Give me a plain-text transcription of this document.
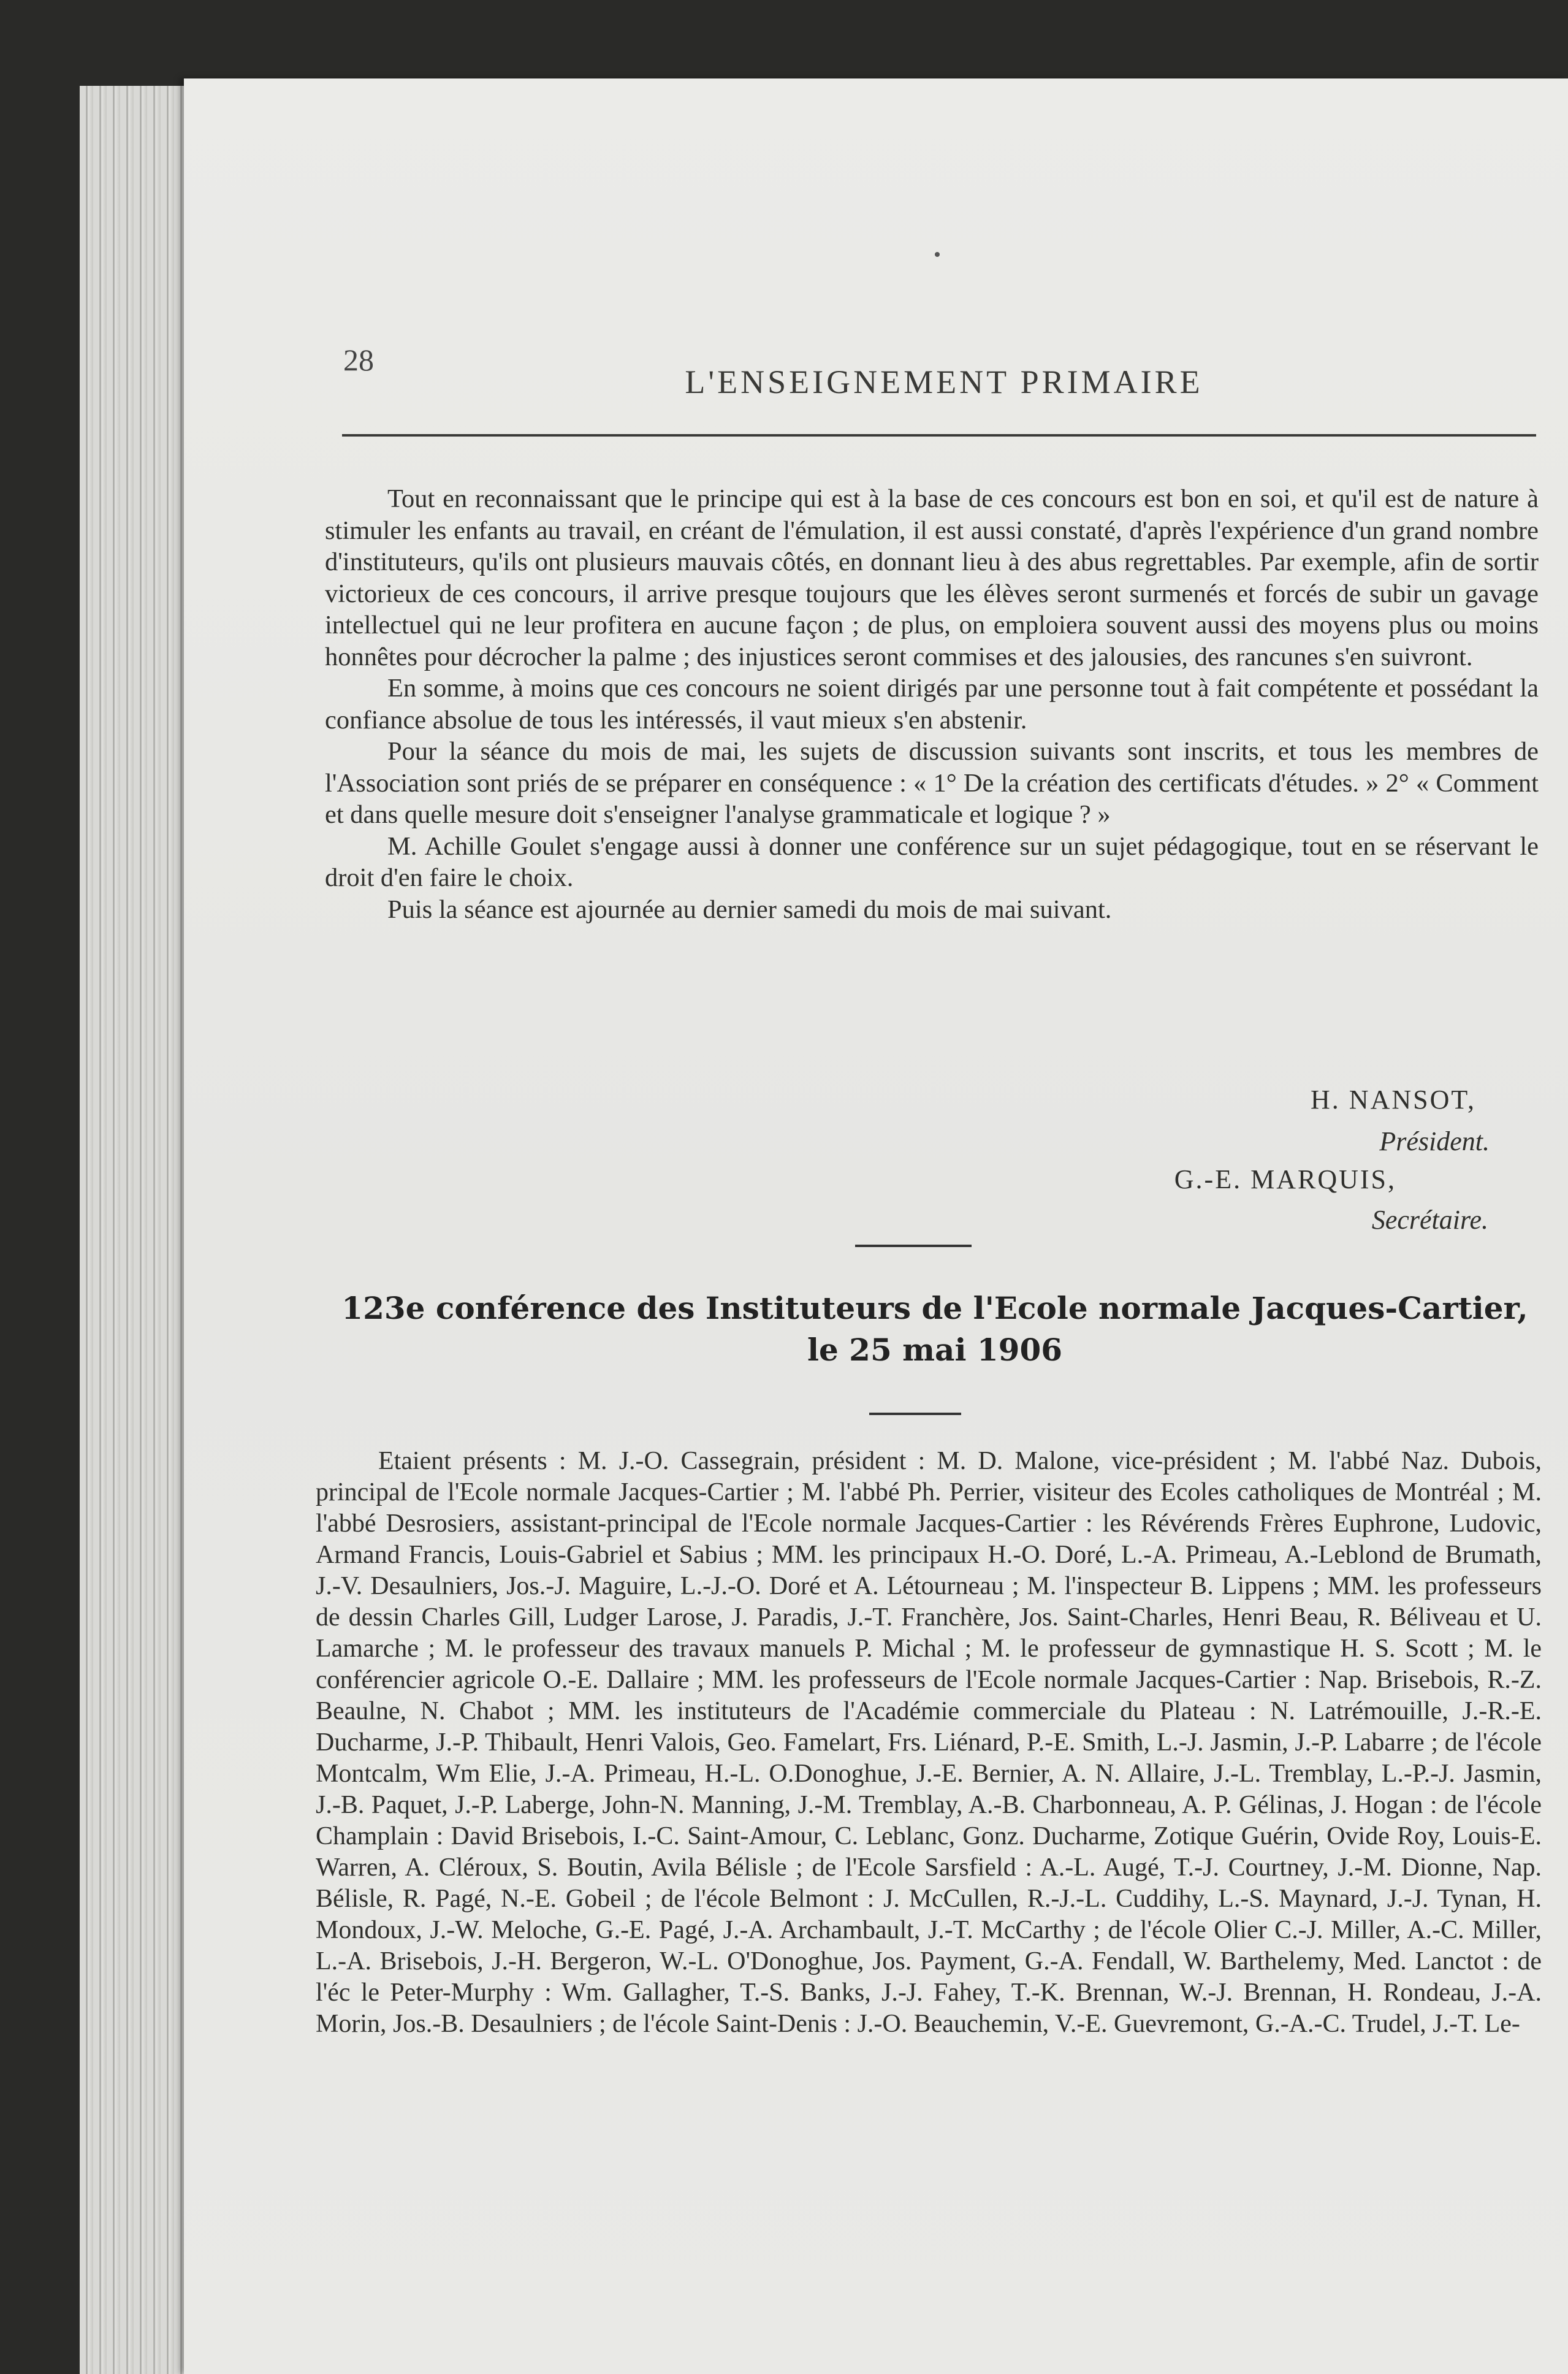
28
L'ENSEIGNEMENT PRIMAIRE

Tout en reconnaissant que le principe qui est à la base de ces concours est bon en soi, et qu'il est de nature à stimuler les enfants au travail, en créant de l'émulation, il est aussi constaté, d'après l'expérience d'un grand nombre d'instituteurs, qu'ils ont plusieurs mauvais côtés, en donnant lieu à des abus regrettables. Par exemple, afin de sortir victorieux de ces concours, il arrive presque toujours que les élèves seront surmenés et forcés de subir un gavage intellectuel qui ne leur profitera en aucune façon ; de plus, on emploiera souvent aussi des moyens plus ou moins honnêtes pour décrocher la palme ; des injustices seront commises et des jalousies, des rancunes s'en suivront.

En somme, à moins que ces concours ne soient dirigés par une personne tout à fait compétente et possédant la confiance absolue de tous les intéressés, il vaut mieux s'en abstenir.

Pour la séance du mois de mai, les sujets de discussion suivants sont inscrits, et tous les membres de l'Association sont priés de se préparer en conséquence : « 1° De la création des certificats d'études. » 2° « Comment et dans quelle mesure doit s'enseigner l'analyse grammaticale et logique ? »

M. Achille Goulet s'engage aussi à donner une conférence sur un sujet pédagogique, tout en se réservant le droit d'en faire le choix.

Puis la séance est ajournée au dernier samedi du mois de mai suivant.

H. NANSOT,
Président.
G.-E. MARQUIS,
Secrétaire.
123e conférence des Instituteurs de l'Ecole normale Jacques-Cartier,
le 25 mai 1906

Etaient présents : M. J.-O. Cassegrain, président : M. D. Malone, vice-président ; M. l'abbé Naz. Dubois, principal de l'Ecole normale Jacques-Cartier ; M. l'abbé Ph. Perrier, visiteur des Ecoles catholiques de Montréal ; M. l'abbé Desrosiers, assistant-principal de l'Ecole normale Jacques-Cartier : les Révérends Frères Euphrone, Ludovic, Armand Francis, Louis-Gabriel et Sabius ; MM. les principaux H.-O. Doré, L.-A. Primeau, A.-Leblond de Brumath, J.-V. Desaulniers, Jos.-J. Maguire, L.-J.-O. Doré et A. Létourneau ; M. l'inspecteur B. Lippens ; MM. les professeurs de dessin Charles Gill, Ludger Larose, J. Paradis, J.-T. Franchère, Jos. Saint-Charles, Henri Beau, R. Béliveau et U. Lamarche ; M. le professeur des travaux manuels P. Michal ; M. le professeur de gymnastique H. S. Scott ; M. le conférencier agricole O.-E. Dallaire ; MM. les professeurs de l'Ecole normale Jacques-Cartier : Nap. Brisebois, R.-Z. Beaulne, N. Chabot ; MM. les instituteurs de l'Académie commerciale du Plateau : N. Latrémouille, J.-R.-E. Ducharme, J.-P. Thibault, Henri Valois, Geo. Famelart, Frs. Liénard, P.-E. Smith, L.-J. Jasmin, J.-P. Labarre ; de l'école Montcalm, Wm Elie, J.-A. Primeau, H.-L. O.Donoghue, J.-E. Bernier, A. N. Allaire, J.-L. Tremblay, L.-P.-J. Jasmin, J.-B. Paquet, J.-P. Laberge, John-N. Manning, J.-M. Tremblay, A.-B. Charbonneau, A. P. Gélinas, J. Hogan : de l'école Champlain : David Brisebois, I.-C. Saint-Amour, C. Leblanc, Gonz. Ducharme, Zotique Guérin, Ovide Roy, Louis-E. Warren, A. Cléroux, S. Boutin, Avila Bélisle ; de l'Ecole Sarsfield : A.-L. Augé, T.-J. Courtney, J.-M. Dionne, Nap. Bélisle, R. Pagé, N.-E. Gobeil ; de l'école Belmont : J. McCullen, R.-J.-L. Cuddihy, L.-S. Maynard, J.-J. Tynan, H. Mondoux, J.-W. Meloche, G.-E. Pagé, J.-A. Archambault, J.-T. McCarthy ; de l'école Olier C.-J. Miller, A.-C. Miller, L.-A. Brisebois, J.-H. Bergeron, W.-L. O'Donoghue, Jos. Payment, G.-A. Fendall, W. Barthelemy, Med. Lanctot : de l'éc le Peter-Murphy : Wm. Gallagher, T.-S. Banks, J.-J. Fahey, T.-K. Brennan, W.-J. Brennan, H. Rondeau, J.-A. Morin, Jos.-B. Desaulniers ; de l'école Saint-Denis : J.-O. Beauchemin, V.-E. Guevremont, G.-A.-C. Trudel, J.-T. Le-
